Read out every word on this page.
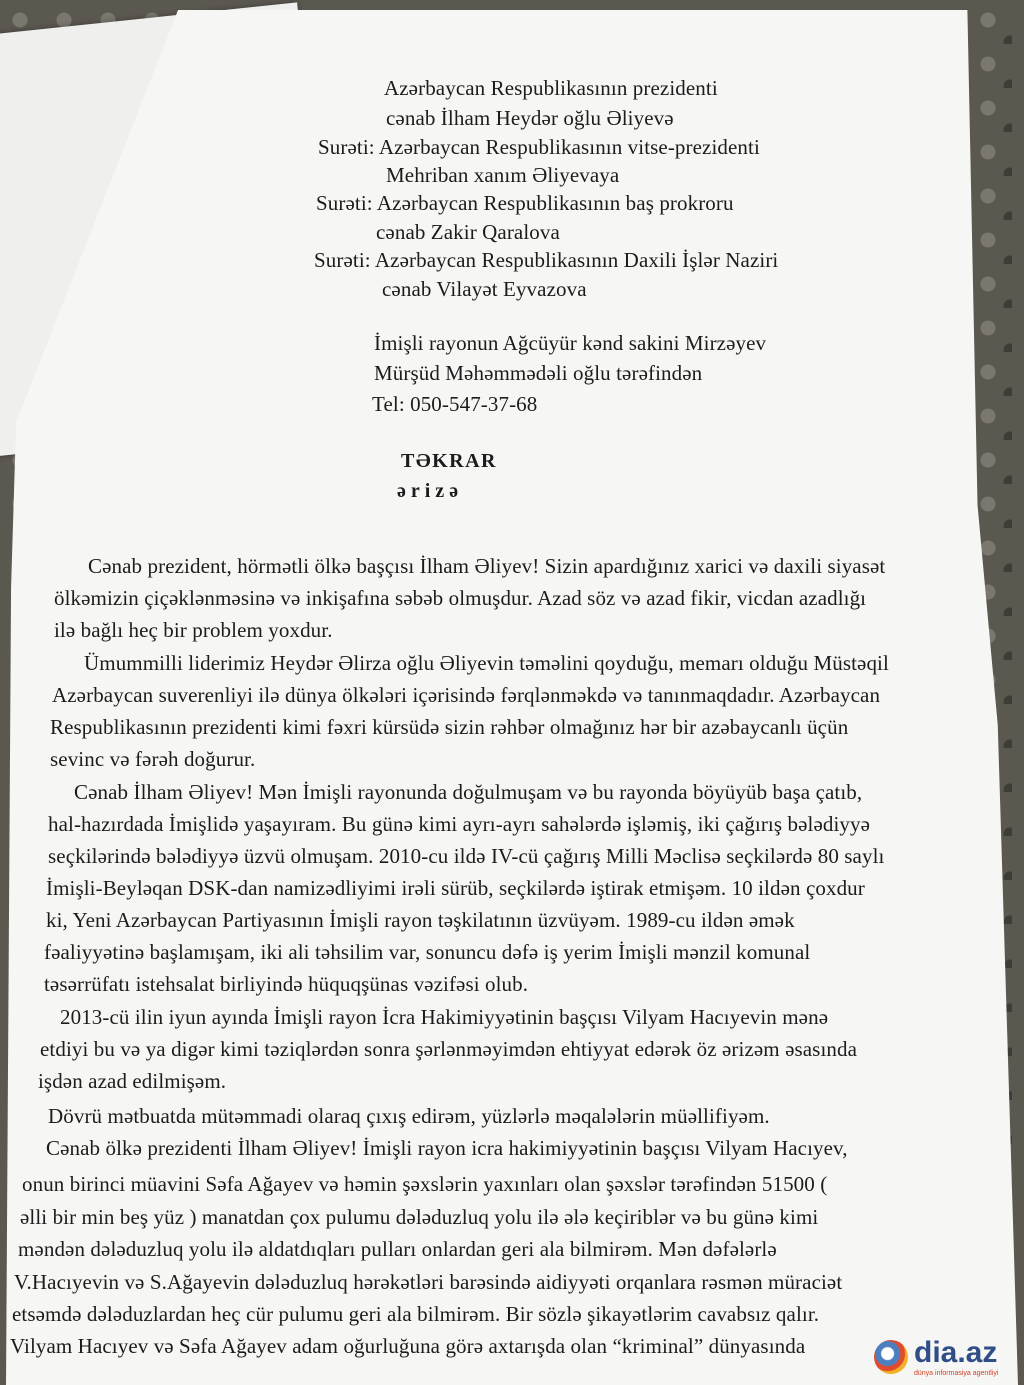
Azərbaycan Respublikasının prezidenti
cənab İlham Heydər oğlu Əliyevə
Surəti: Azərbaycan Respublikasının vitse-prezidenti
Mehriban xanım Əliyevaya
Surəti: Azərbaycan Respublikasının baş prokroru
cənab Zakir Qaralova
Surəti: Azərbaycan Respublikasının Daxili İşlər Naziri
cənab Vilayət Eyvazova
İmişli rayonun Ağcüyür kənd sakini Mirzəyev
Mürşüd Məhəmmədəli oğlu tərəfindən
Tel: 050-547-37-68
TƏKRAR
ərizə
Cənab prezident, hörmətli ölkə başçısı İlham Əliyev! Sizin apardığınız xarici və daxili siyasət
ölkəmizin çiçəklənməsinə və inkişafına səbəb olmuşdur. Azad söz və azad fikir, vicdan azadlığı
ilə bağlı heç bir problem yoxdur.
Ümummilli liderimiz Heydər Əlirza oğlu Əliyevin təməlini qoyduğu, memarı olduğu Müstəqil
Azərbaycan suverenliyi ilə dünya ölkələri içərisində fərqlənməkdə və tanınmaqdadır. Azərbaycan
Respublikasının prezidenti kimi fəxri kürsüdə sizin rəhbər olmağınız hər bir azəbaycanlı üçün
sevinc və fərəh doğurur.
Cənab İlham Əliyev! Mən İmişli rayonunda doğulmuşam və bu rayonda böyüyüb başa çatıb,
hal-hazırdada İmişlidə yaşayıram. Bu günə kimi ayrı-ayrı sahələrdə işləmiş, iki çağırış bələdiyyə
seçkilərində bələdiyyə üzvü olmuşam. 2010-cu ildə IV-cü çağırış Milli Məclisə seçkilərdə 80 saylı
İmişli-Beyləqan DSK-dan namizədliyimi irəli sürüb, seçkilərdə iştirak etmişəm. 10 ildən çoxdur
ki, Yeni Azərbaycan Partiyasının İmişli rayon təşkilatının üzvüyəm. 1989-cu ildən əmək
fəaliyyətinə başlamışam, iki ali təhsilim var, sonuncu dəfə iş yerim İmişli mənzil komunal
təsərrüfatı istehsalat birliyində hüquqşünas vəzifəsi olub.
2013-cü ilin iyun ayında İmişli rayon İcra Hakimiyyətinin başçısı Vilyam Hacıyevin mənə
etdiyi bu və ya digər kimi təziqlərdən sonra şərlənməyimdən ehtiyyat edərək öz ərizəm əsasında
işdən azad edilmişəm.
Dövrü mətbuatda mütəmmadi olaraq çıxış edirəm, yüzlərlə məqalələrin müəllifiyəm.
Cənab ölkə prezidenti İlham Əliyev! İmişli rayon icra hakimiyyətinin başçısı Vilyam Hacıyev,
onun birinci müavini Səfa Ağayev və həmin şəxslərin yaxınları olan şəxslər tərəfindən 51500 (
əlli bir min beş yüz ) manatdan çox pulumu dələduzluq yolu ilə ələ keçiriblər və bu günə kimi
məndən dələduzluq yolu ilə aldatdıqları pulları onlardan geri ala bilmirəm. Mən dəfələrlə
V.Hacıyevin və S.Ağayevin dələduzluq hərəkətləri barəsində aidiyyəti orqanlara rəsmən müraciət
etsəmdə dələduzlardan heç cür pulumu geri ala bilmirəm. Bir sözlə şikayətlərim cavabsız qalır.
Vilyam Hacıyev və Səfa Ağayev adam oğurluğuna görə axtarışda olan “kriminal” dünyasında	dia.az
dünya informasiya agentliyi
